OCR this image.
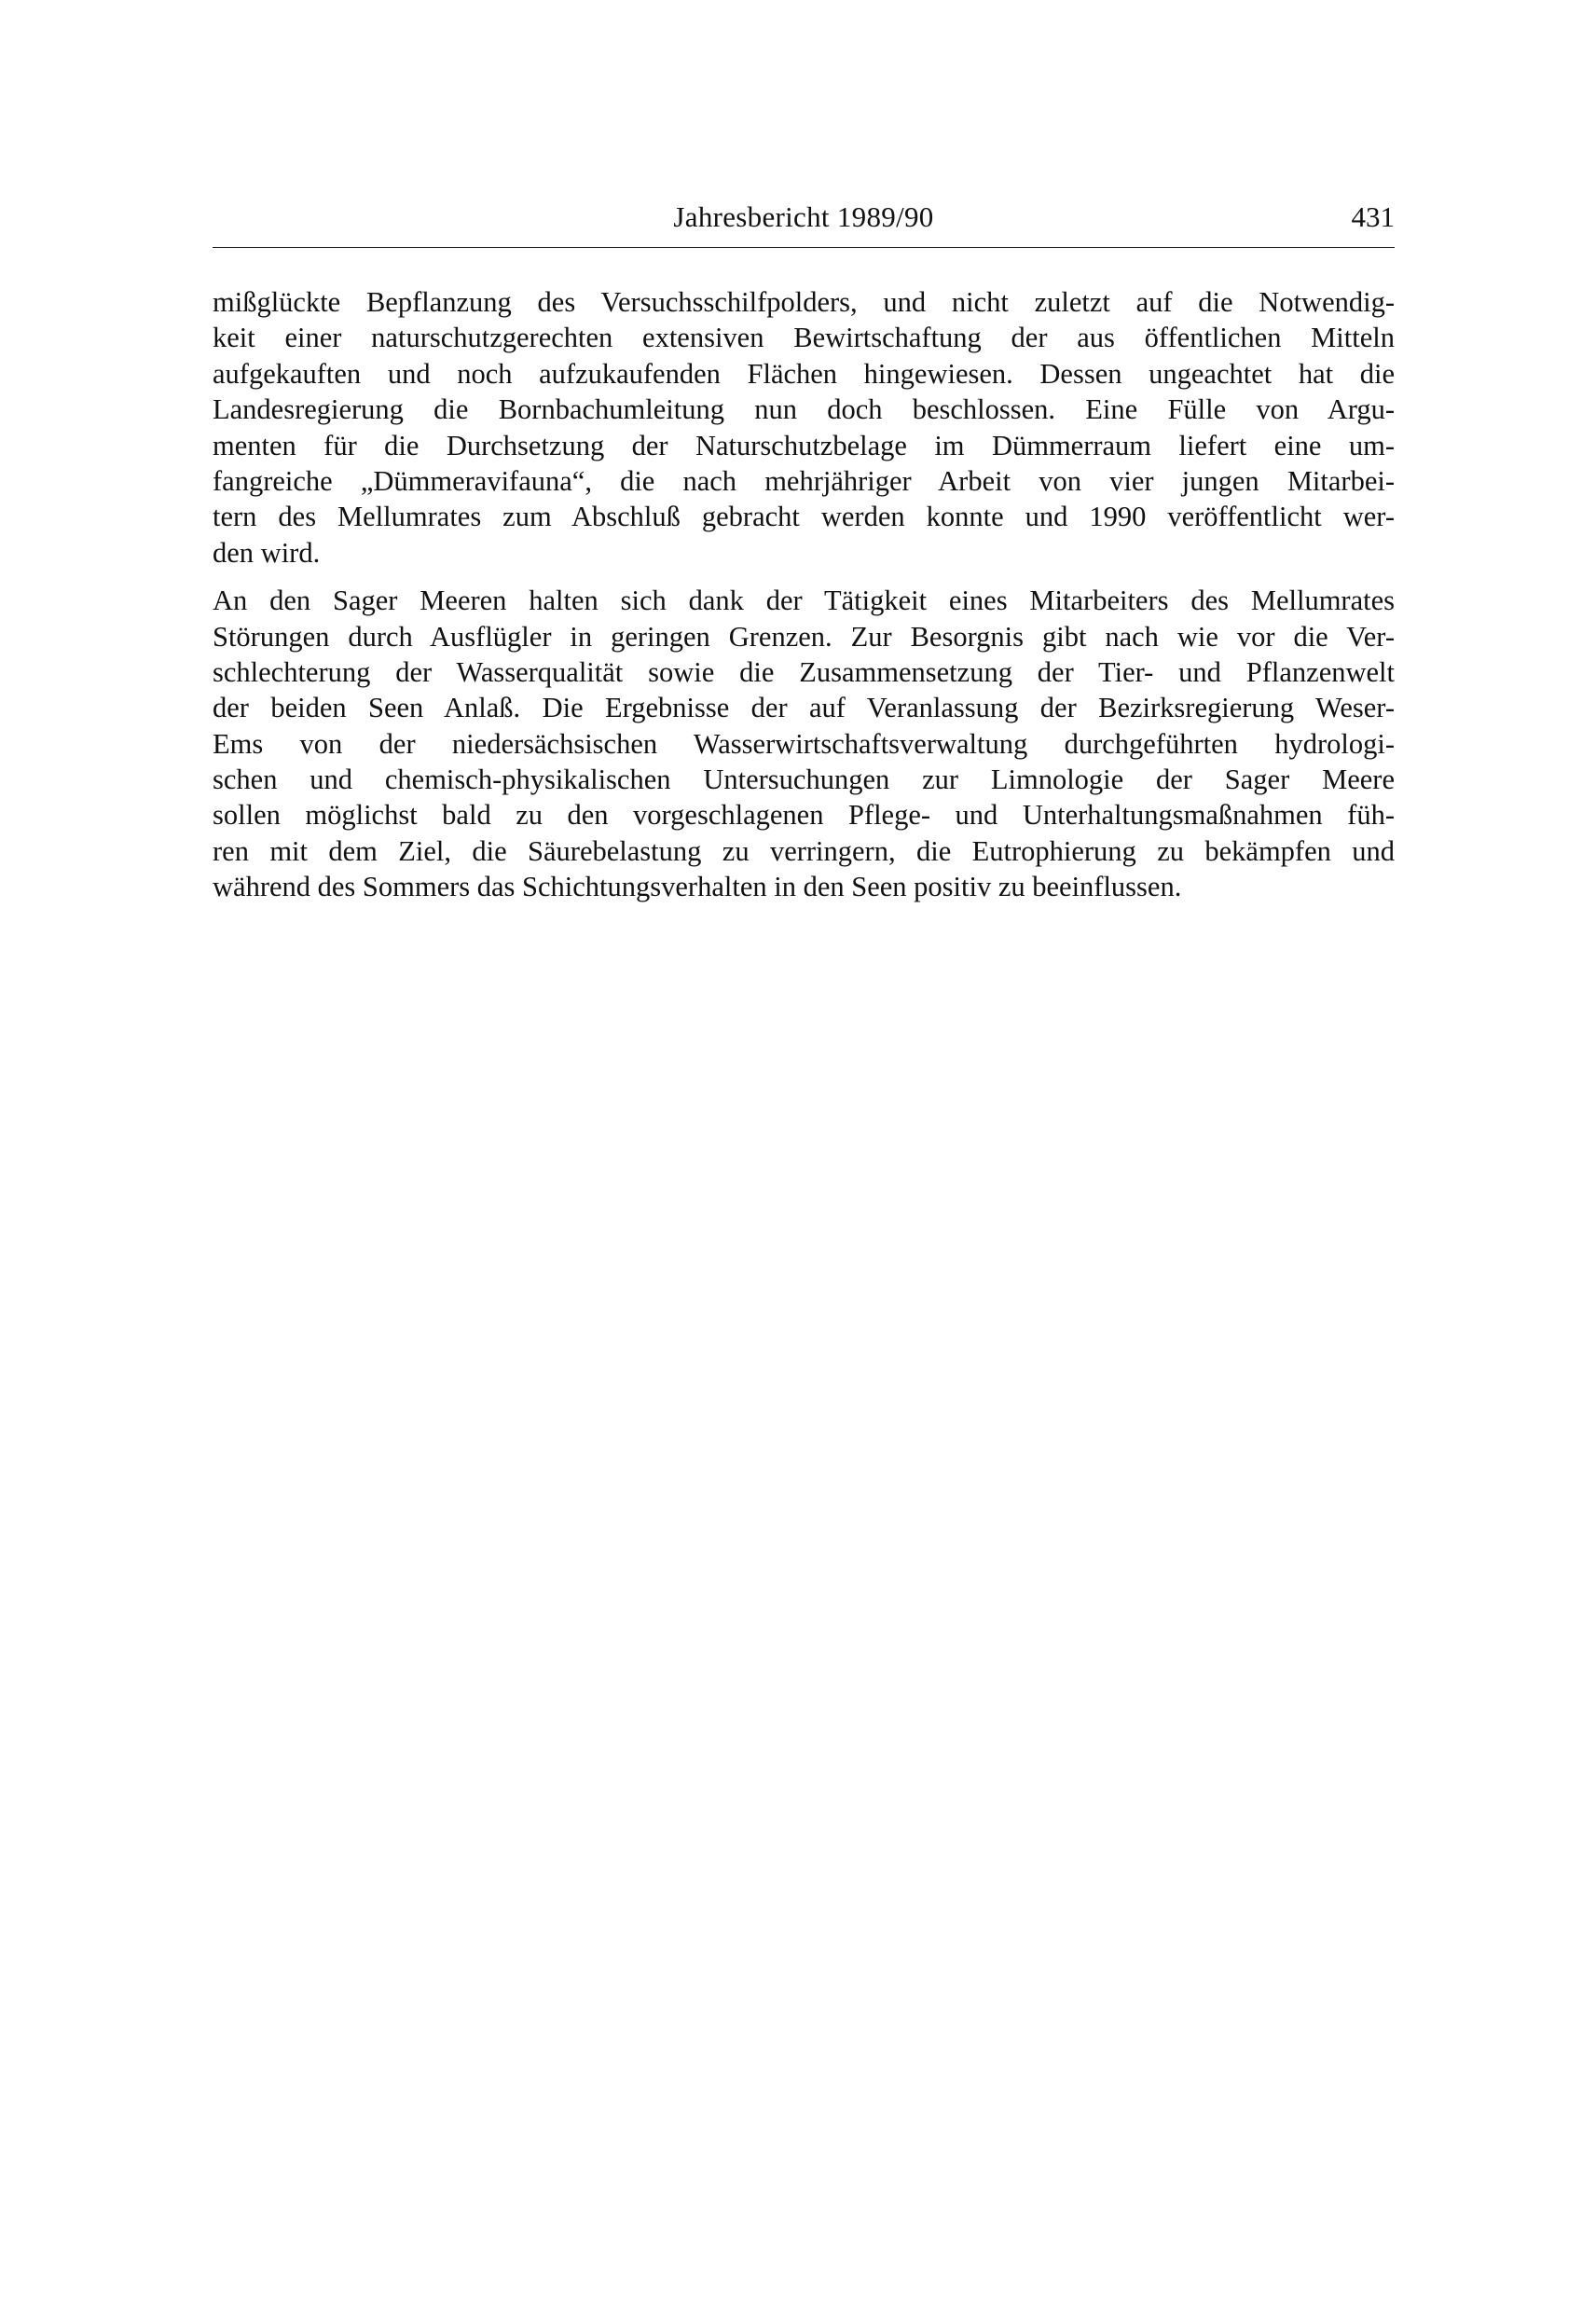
Jahresbericht 1989/90	431
mißglückte Bepflanzung des Versuchsschilfpolders, und nicht zuletzt auf die Notwendig-
keit einer naturschutzgerechten extensiven Bewirtschaftung der aus öffentlichen Mitteln
aufgekauften und noch aufzukaufenden Flächen hingewiesen. Dessen ungeachtet hat die
Landesregierung die Bornbachumleitung nun doch beschlossen. Eine Fülle von Argu-
menten für die Durchsetzung der Naturschutzbelage im Dümmerraum liefert eine um-
fangreiche „Dümmeravifauna“, die nach mehrjähriger Arbeit von vier jungen Mitarbei-
tern des Mellumrates zum Abschluß gebracht werden konnte und 1990 veröffentlicht wer-
den wird.
An den Sager Meeren halten sich dank der Tätigkeit eines Mitarbeiters des Mellumrates
Störungen durch Ausflügler in geringen Grenzen. Zur Besorgnis gibt nach wie vor die Ver-
schlechterung der Wasserqualität sowie die Zusammensetzung der Tier- und Pflanzenwelt
der beiden Seen Anlaß. Die Ergebnisse der auf Veranlassung der Bezirksregierung Weser-
Ems von der niedersächsischen Wasserwirtschaftsverwaltung durchgeführten hydrologi-
schen und chemisch-physikalischen Untersuchungen zur Limnologie der Sager Meere
sollen möglichst bald zu den vorgeschlagenen Pflege- und Unterhaltungsmaßnahmen füh-
ren mit dem Ziel, die Säurebelastung zu verringern, die Eutrophierung zu bekämpfen und
während des Sommers das Schichtungsverhalten in den Seen positiv zu beeinflussen.
